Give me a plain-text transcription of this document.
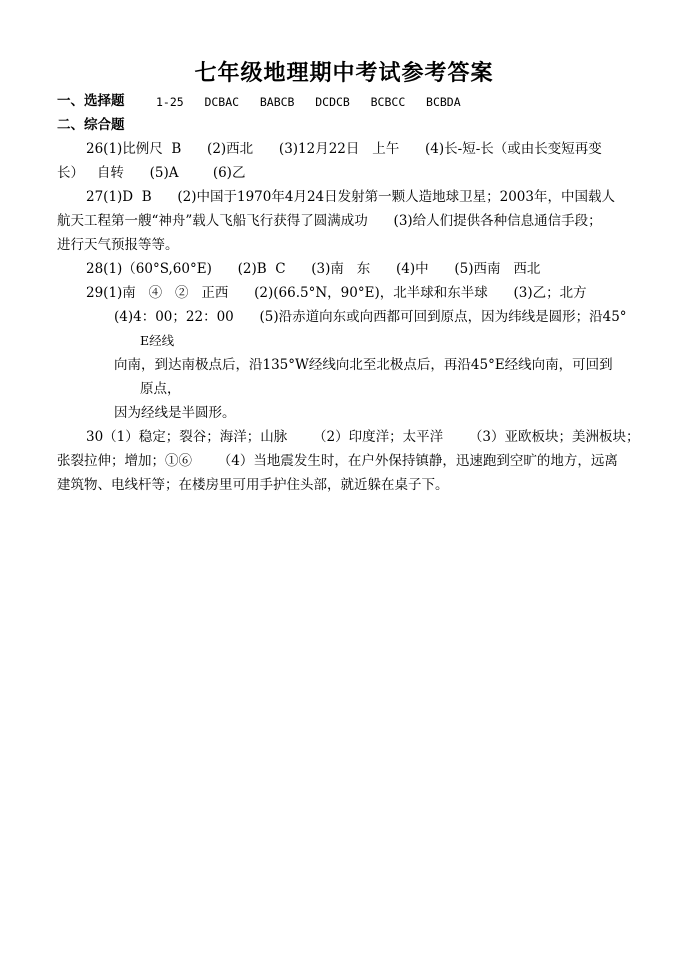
七年级地理期中考试参考答案
一、选择题	1-25   DCBAC   BABCB   DCDCB   BCBCC   BCBDA
二、综合题
26(1)比例尺  B      (2)西北      (3)12月22日   上午      (4)长-短-长（或由长变短再变
长）   自转      (5)A        (6)乙
27(1)D  B      (2)中国于1970年4月24日发射第一颗人造地球卫星；2003年，中国载人
航天工程第一艘“神舟”载人飞船飞行获得了圆满成功      (3)给人们提供各种信息通信手段；
进行天气预报等等。
28(1)（60°S,60°E)      (2)B  C      (3)南   东      (4)中      (5)西南   西北
29(1)南   ④   ②   正西      (2)(66.5°N，90°E)，北半球和东半球      (3)乙；北方
(4)4：00；22：00      (5)沿赤道向东或向西都可回到原点，因为纬线是圆形；沿45°
E经线
向南，到达南极点后，沿135°W经线向北至北极点后，再沿45°E经线向南，可回到
原点，
因为经线是半圆形。
30（1）稳定；裂谷；海洋；山脉      （2）印度洋；太平洋      （3）亚欧板块；美洲板块；
张裂拉伸；增加；①⑥      （4）当地震发生时，在户外保持镇静，迅速跑到空旷的地方，远离
建筑物、电线杆等；在楼房里可用手护住头部，就近躲在桌子下。
